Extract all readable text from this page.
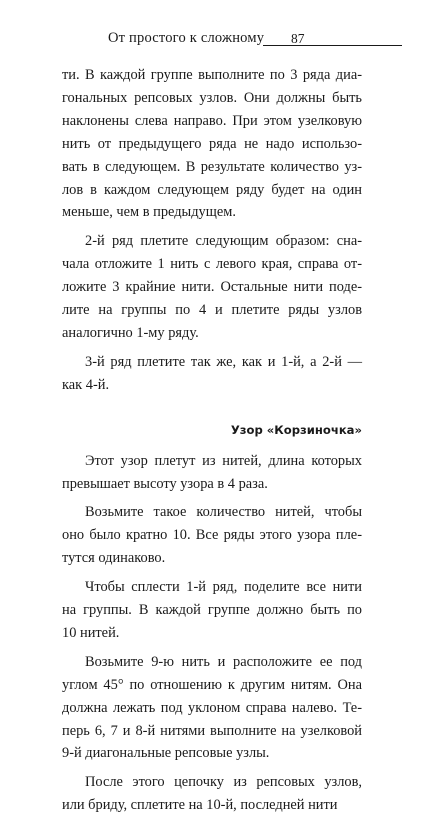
От простого к сложному 87
ти. В каждой группе выполните по 3 ряда диа-
гональных репсовых узлов. Они должны быть
наклонены слева направо. При этом узелковую
нить от предыдущего ряда не надо использо-
вать в следующем. В результате количество уз-
лов в каждом следующем ряду будет на один
меньше, чем в предыдущем.
2-й ряд плетите следующим образом: сна-
чала отложите 1 нить с левого края, справа от-
ложите 3 крайние нити. Остальные нити поде-
лите на группы по 4 и плетите ряды узлов
аналогично 1-му ряду.
3-й ряд плетите так же, как и 1-й, а 2-й —
как 4-й.
Узор «Корзиночка»
Этот узор плетут из нитей, длина которых
превышает высоту узора в 4 раза.
Возьмите такое количество нитей, чтобы
оно было кратно 10. Все ряды этого узора пле-
тутся одинаково.
Чтобы сплести 1-й ряд, поделите все нити
на группы. В каждой группе должно быть по
10 нитей.
Возьмите 9-ю нить и расположите ее под
углом 45° по отношению к другим нитям. Она
должна лежать под уклоном справа налево. Те-
перь 6, 7 и 8-й нитями выполните на узелковой
9-й диагональные репсовые узлы.
После этого цепочку из репсовых узлов,
или бриду, сплетите на 10-й, последней нити
